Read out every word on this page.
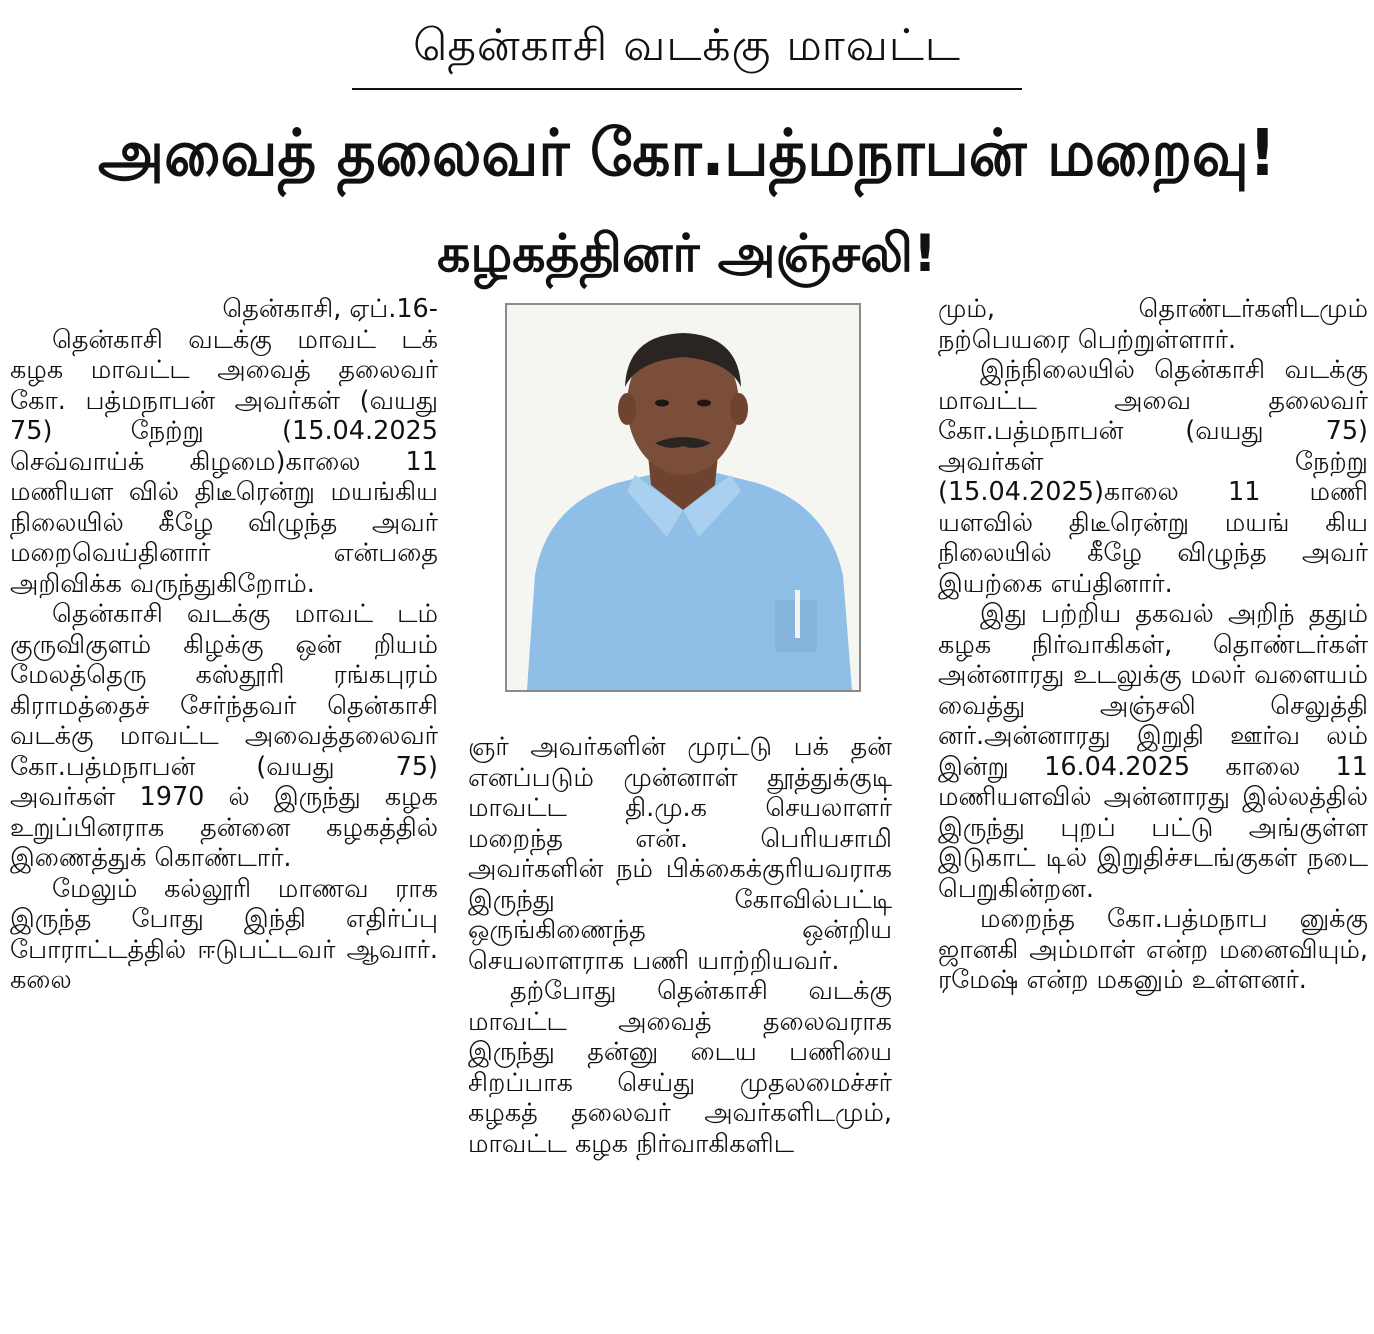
தென்காசி வடக்கு மாவட்ட
அவைத் தலைவர் கோ.பத்மநாபன் மறைவு!
கழகத்தினர் அஞ்சலி!

தென்காசி, ஏப்.16-

தென்காசி வடக்கு மாவட் டக் கழக மாவட்ட அவைத் தலைவர் கோ. பத்மநாபன் அவர்கள் (வயது 75) நேற்று (15.04.2025 செவ்வாய்க் கிழமை)காலை 11 மணியள வில் திடீரென்று மயங்கிய நிலையில் கீழே விழுந்த அவர் மறைவெய்தினார் என்பதை அறிவிக்க வருந்துகிறோம்.

தென்காசி வடக்கு மாவட் டம் குருவிகுளம் கிழக்கு ஒன் றியம் மேலத்தெரு கஸ்தூரி ரங்கபுரம் கிராமத்தைச் சேர்ந்தவர் தென்காசி வடக்கு மாவட்ட அவைத்தலைவர் கோ.பத்மநாபன் (வயது 75) அவர்கள் 1970 ல் இருந்து கழக உறுப்பினராக தன்னை கழகத்தில் இணைத்துக் கொண்டார்.

மேலும் கல்லூரி மாணவ ராக இருந்த போது இந்தி எதிர்ப்பு போராட்டத்தில் ஈடுபட்டவர் ஆவார். கலை

ஞர் அவர்களின் முரட்டு பக் தன் எனப்படும் முன்னாள் தூத்துக்குடி மாவட்ட தி.மு.க செயலாளர் மறைந்த என். பெரியசாமி அவர்களின் நம் பிக்கைக்குரியவராக இருந்து கோவில்பட்டி ஒருங்கிணைந்த ஒன்றிய செயலாளராக பணி யாற்றியவர்.

தற்போது தென்காசி வடக்கு மாவட்ட அவைத் தலைவராக இருந்து தன்னு டைய பணியை சிறப்பாக செய்து முதலமைச்சர் கழகத் தலைவர் அவர்களிடமும், மாவட்ட கழக நிர்வாகிகளிட

மும், தொண்டர்களிடமும் நற்பெயரை பெற்றுள்ளார்.

இந்நிலையில் தென்காசி வடக்கு மாவட்ட அவை தலைவர் கோ.பத்மநாபன் (வயது 75) அவர்கள் நேற்று (15.04.2025)காலை 11 மணி யளவில் திடீரென்று மயங் கிய நிலையில் கீழே விழுந்த அவர் இயற்கை எய்தினார்.

இது பற்றிய தகவல் அறிந் ததும் கழக நிர்வாகிகள், தொண்டர்கள் அன்னாரது உடலுக்கு மலர் வளையம் வைத்து அஞ்சலி செலுத்தி னர்.அன்னாரது இறுதி ஊர்வ லம் இன்று 16.04.2025 காலை 11 மணியளவில் அன்னாரது இல்லத்தில் இருந்து புறப் பட்டு அங்குள்ள இடுகாட் டில் இறுதிச்சடங்குகள் நடை பெறுகின்றன.

மறைந்த கோ.பத்மநாப னுக்கு ஜானகி அம்மாள் என்ற மனைவியும், ரமேஷ் என்ற மகனும் உள்ளனர்.
